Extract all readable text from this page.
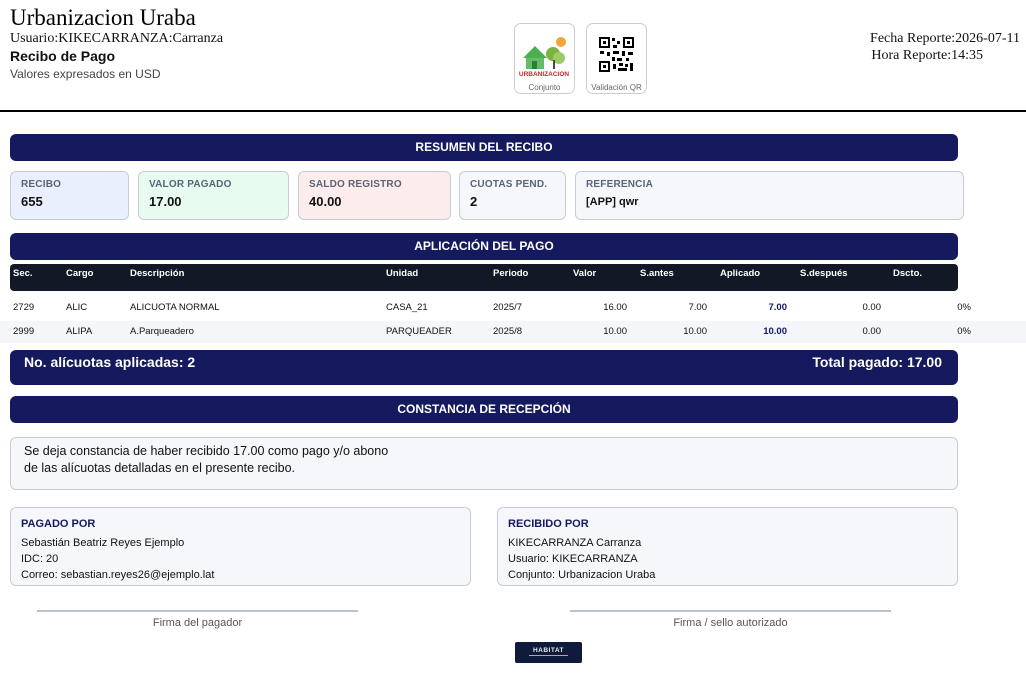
Urbanizacion Uraba
Usuario:KIKECARRANZA:Carranza
Recibo de Pago
Valores expresados en USD	URBANIZACION
Conjunto	Validación QR
Fecha Reporte:2026-07-11
Hora Reporte:14:35
RESUMEN DEL RECIBO
RECIBO
655
VALOR PAGADO
17.00
SALDO REGISTRO
40.00
CUOTAS PEND.
2
REFERENCIA
[APP] qwr
APLICACIÓN DEL PAGO
Sec.	Cargo	Descripción	Unidad	Periodo	Valor	S.antes	Aplicado	S.después	Dscto.
2729	ALIC	ALICUOTA NORMAL	CASA_21	2025/7	16.00	7.00	7.00	0.00	0%
2999	ALIPA	A.Parqueadero	PARQUEADER	2025/8	10.00	10.00	10.00	0.00	0%
No. alícuotas aplicadas: 2	Total pagado: 17.00
CONSTANCIA DE RECEPCIÓN
Se deja constancia de haber recibido 17.00 como pago y/o abono
de las alícuotas detalladas en el presente recibo.
PAGADO POR
Sebastián Beatriz Reyes Ejemplo
IDC: 20
Correo: sebastian.reyes26@ejemplo.lat
RECIBIDO POR
KIKECARRANZA Carranza
Usuario: KIKECARRANZA
Conjunto: Urbanizacion Uraba
Firma del pagador	Firma / sello autorizado
HABITAT
